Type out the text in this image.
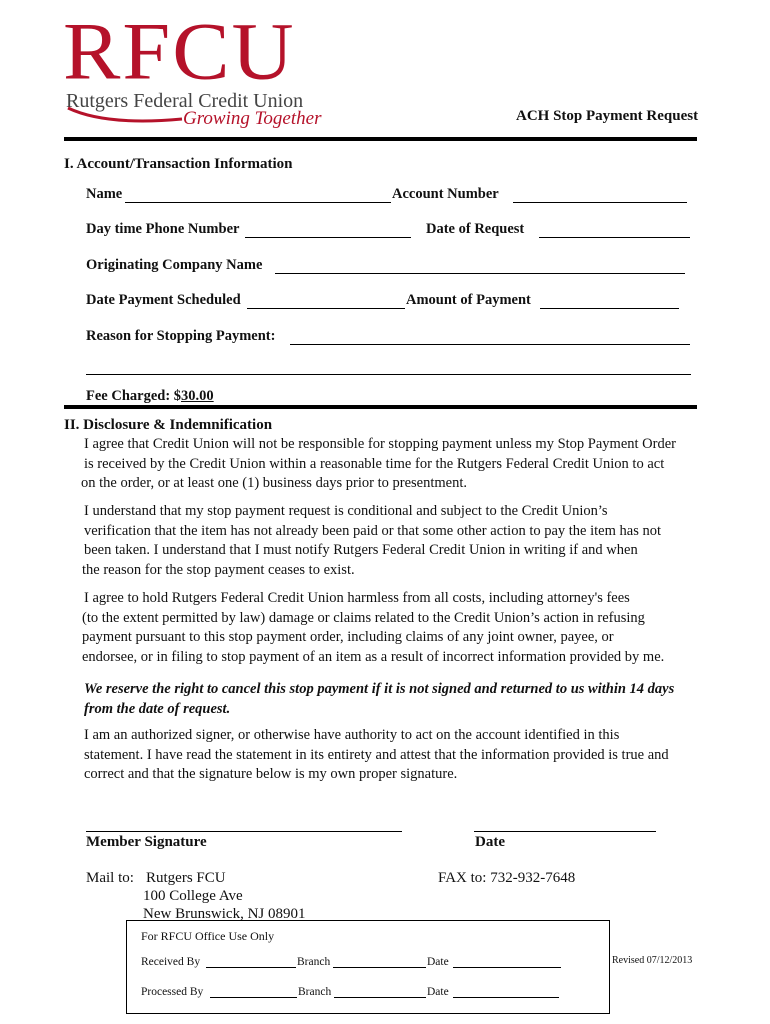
RFCU
Rutgers Federal Credit Union
Growing Together	ACH Stop Payment Request
I. Account/Transaction Information
Name	Account Number
Day time Phone Number	Date of Request
Originating Company Name
Date Payment Scheduled	Amount of Payment
Reason for Stopping Payment:
Fee Charged: $30.00
II. Disclosure & Indemnification
I agree that Credit Union will not be responsible for stopping payment unless my Stop Payment Order
is received by the Credit Union within a reasonable time for the Rutgers Federal Credit Union to act
on the order, or at least one (1) business days prior to presentment.
I understand that my stop payment request is conditional and subject to the Credit Union’s
verification that the item has not already been paid or that some other action to pay the item has not
been taken. I understand that I must notify Rutgers Federal Credit Union in writing if and when
the reason for the stop payment ceases to exist.
I agree to hold Rutgers Federal Credit Union harmless from all costs, including attorney's fees
(to the extent permitted by law) damage or claims related to the Credit Union’s action in refusing
payment pursuant to this stop payment order, including claims of any joint owner, payee, or
endorsee, or in filing to stop payment of an item as a result of incorrect information provided by me.
We reserve the right to cancel this stop payment if it is not signed and returned to us within 14 days
from the date of request.
I am an authorized signer, or otherwise have authority to act on the account identified in this
statement. I have read the statement in its entirety and attest that the information provided is true and
correct and that the signature below is my own proper signature.
Member Signature	Date
Mail to: Rutgers FCU
100 College Ave
New Brunswick, NJ 08901
FAX to: 732-932-7648
For RFCU Office Use Only
Received By	Branch	Date
Processed By	Branch	Date
Revised 07/12/2013
